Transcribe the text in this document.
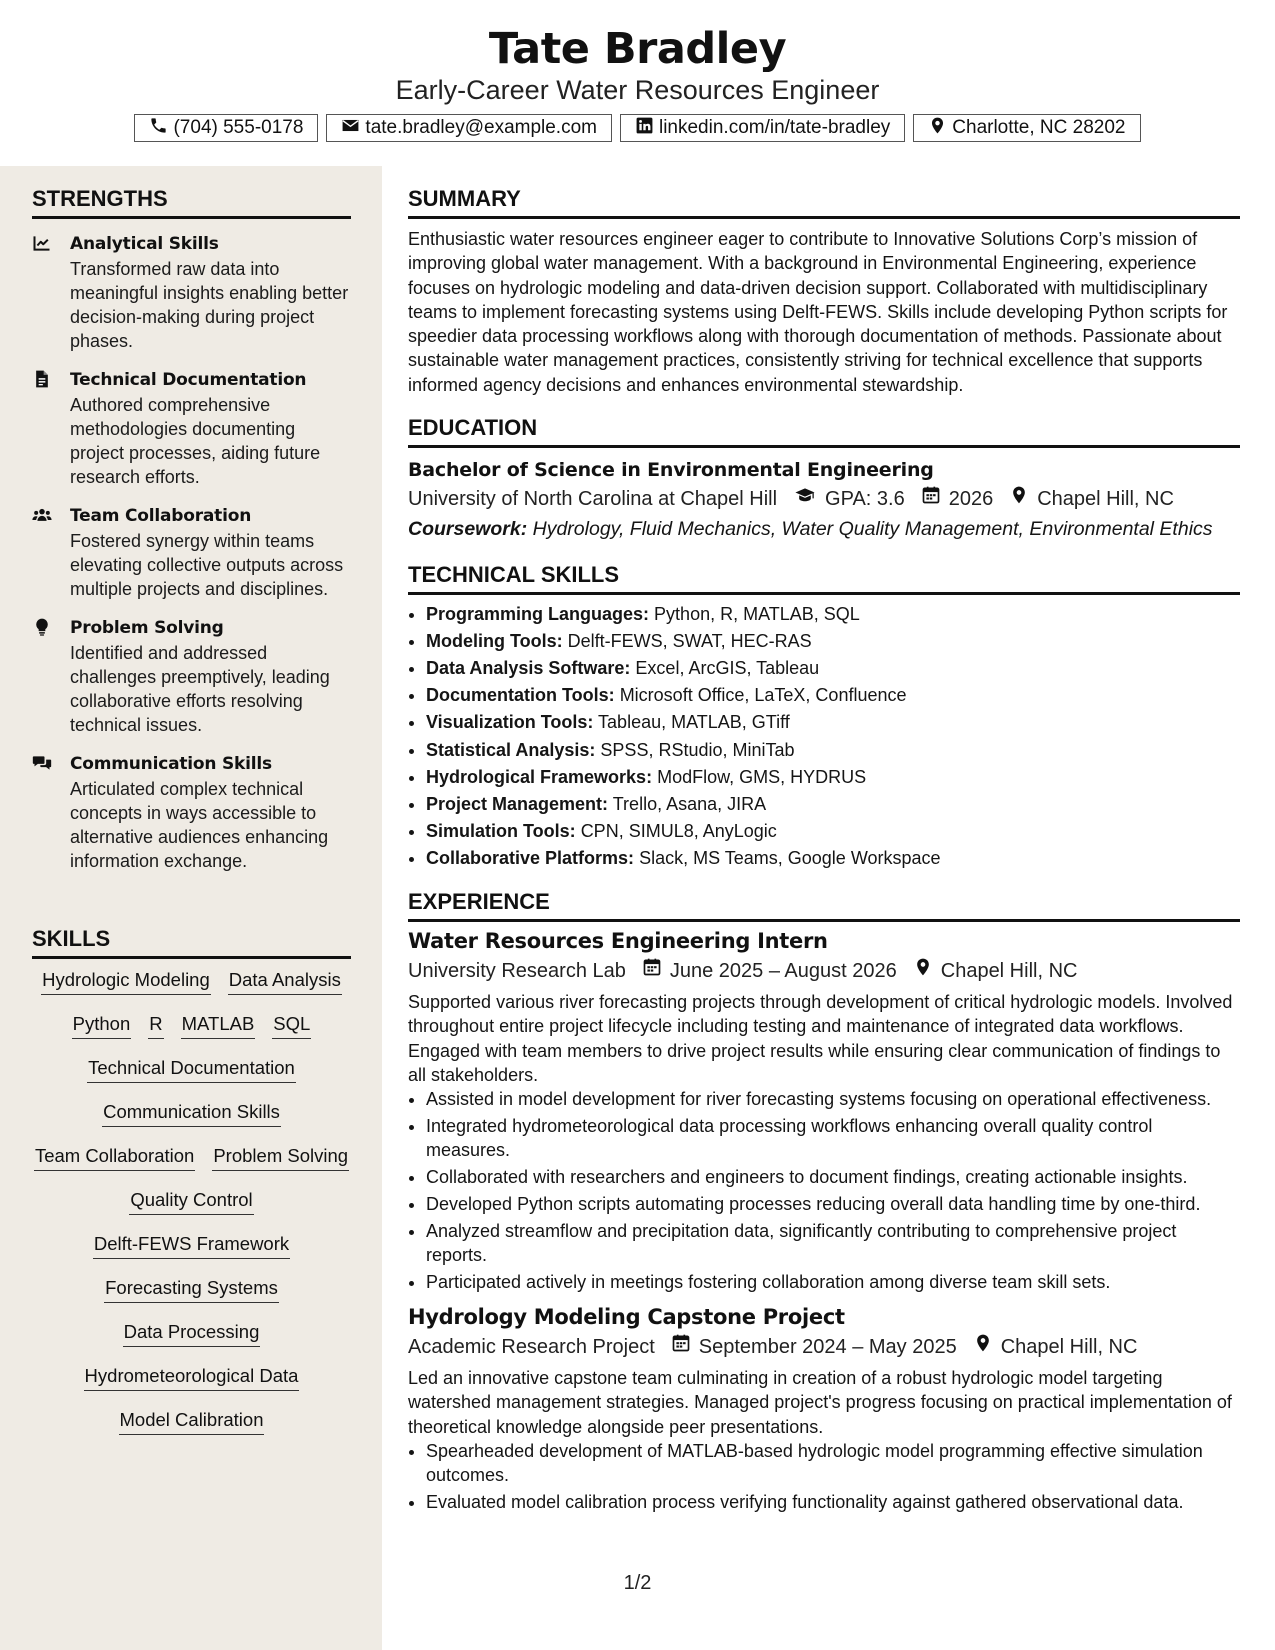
Tate Bradley
Early-Career Water Resources Engineer
(704) 555-0178	tate.bradley@example.com	linkedin.com/in/tate-bradley	Charlotte, NC 28202
STRENGTHS
Analytical Skills
Transformed raw data into meaningful insights enabling better decision-making during project phases.
Technical Documentation
Authored comprehensive methodologies documenting project processes, aiding future research efforts.
Team Collaboration
Fostered synergy within teams elevating collective outputs across multiple projects and disciplines.
Problem Solving
Identified and addressed challenges preemptively, leading collaborative efforts resolving technical issues.
Communication Skills
Articulated complex technical concepts in ways accessible to alternative audiences enhancing information exchange.
SKILLS
Hydrologic Modeling Data Analysis
Python R MATLAB SQL
Technical Documentation
Communication Skills
Team Collaboration Problem Solving
Quality Control
Delft-FEWS Framework
Forecasting Systems
Data Processing
Hydrometeorological Data
Model Calibration
SUMMARY
Enthusiastic water resources engineer eager to contribute to Innovative Solutions Corp’s mission of improving global water management. With a background in Environmental Engineering, experience focuses on hydrologic modeling and data-driven decision support. Collaborated with multidisciplinary teams to implement forecasting systems using Delft-FEWS. Skills include developing Python scripts for speedier data processing workflows along with thorough documentation of methods. Passionate about sustainable water management practices, consistently striving for technical excellence that supports informed agency decisions and enhances environmental stewardship.
EDUCATION
Bachelor of Science in Environmental Engineering
University of North Carolina at Chapel Hill GPA: 3.6 2026 Chapel Hill, NC
Coursework: Hydrology, Fluid Mechanics, Water Quality Management, Environmental Ethics
TECHNICAL SKILLS
• Programming Languages: Python, R, MATLAB, SQL
• Modeling Tools: Delft-FEWS, SWAT, HEC-RAS
• Data Analysis Software: Excel, ArcGIS, Tableau
• Documentation Tools: Microsoft Office, LaTeX, Confluence
• Visualization Tools: Tableau, MATLAB, GTiff
• Statistical Analysis: SPSS, RStudio, MiniTab
• Hydrological Frameworks: ModFlow, GMS, HYDRUS
• Project Management: Trello, Asana, JIRA
• Simulation Tools: CPN, SIMUL8, AnyLogic
• Collaborative Platforms: Slack, MS Teams, Google Workspace
EXPERIENCE
Water Resources Engineering Intern
University Research Lab June 2025 – August 2026 Chapel Hill, NC
Supported various river forecasting projects through development of critical hydrologic models. Involved throughout entire project lifecycle including testing and maintenance of integrated data workflows. Engaged with team members to drive project results while ensuring clear communication of findings to all stakeholders.
• Assisted in model development for river forecasting systems focusing on operational effectiveness.
• Integrated hydrometeorological data processing workflows enhancing overall quality control measures.
• Collaborated with researchers and engineers to document findings, creating actionable insights.
• Developed Python scripts automating processes reducing overall data handling time by one-third.
• Analyzed streamflow and precipitation data, significantly contributing to comprehensive project reports.
• Participated actively in meetings fostering collaboration among diverse team skill sets.
Hydrology Modeling Capstone Project
Academic Research Project September 2024 – May 2025 Chapel Hill, NC
Led an innovative capstone team culminating in creation of a robust hydrologic model targeting watershed management strategies. Managed project's progress focusing on practical implementation of theoretical knowledge alongside peer presentations.
• Spearheaded development of MATLAB-based hydrologic model programming effective simulation outcomes.
• Evaluated model calibration process verifying functionality against gathered observational data.
1/2
